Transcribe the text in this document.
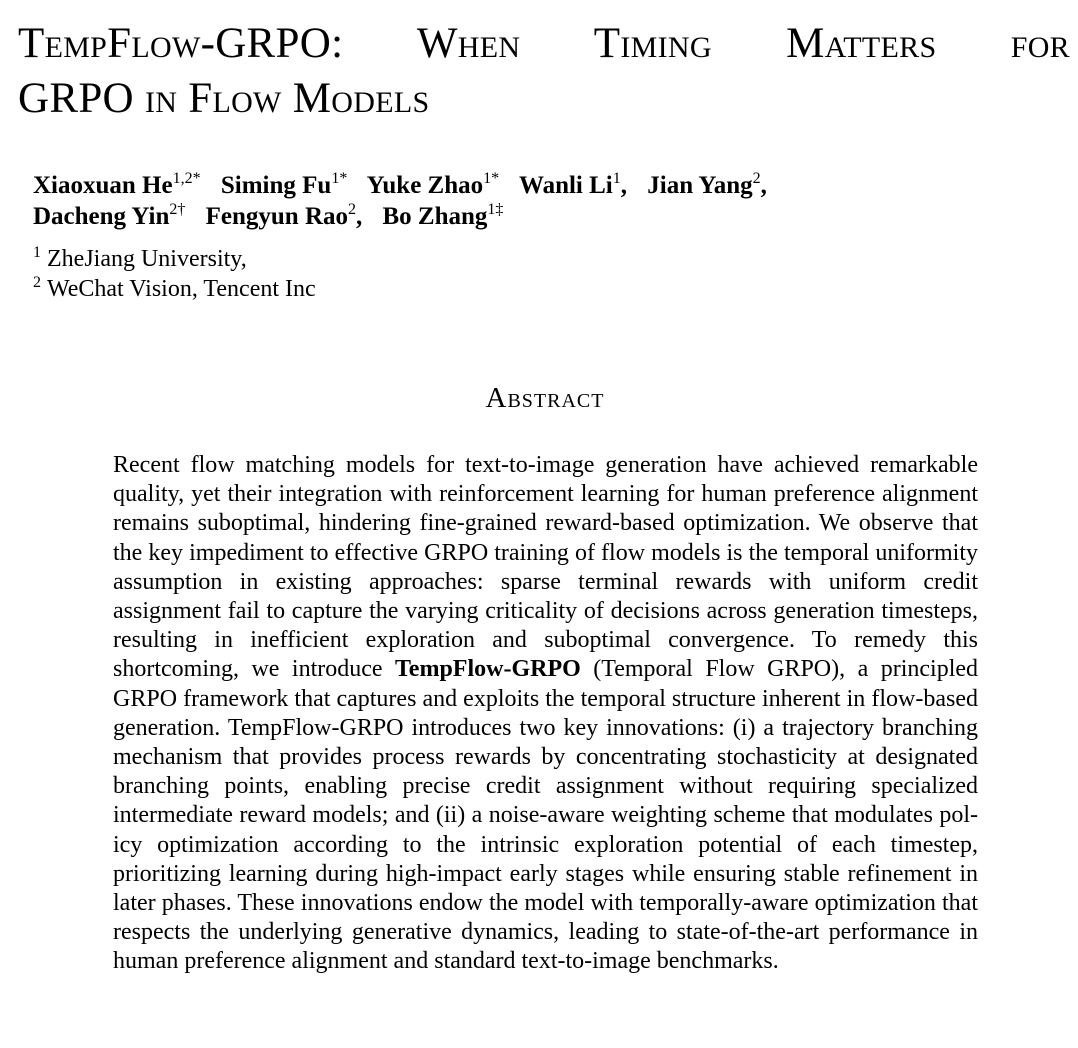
TempFlow-GRPO: When Timing Matters for
GRPO in Flow Models
Xiaoxuan $He^{1,2*}$ Siming $Fu^{1*}$ Yuke Zhao$^{1*}$ Wanli Li$^1$, Jian Yang$^2$,
Dacheng Yin$^{2\dagger}$ Fengyun Rao$^2$, Bo Zhang$^{1\ddagger}$
$^1$ ZheJiang University,
$^2$ WeChat Vision, Tencent Inc
Abstract

Recent flow matching models for text-to-image generation have achieved remarkable quality, yet their integration with reinforcement learning for human preference alignment remains suboptimal, hindering fine-grained reward-based optimization. We observe that the key impediment to effective GRPO training of flow models is the temporal uniformity assumption in existing approaches: sparse terminal rewards with uniform credit assignment fail to capture the varying criticality of decisions across generation timesteps, resulting in inefficient exploration and suboptimal convergence. To remedy this shortcoming, we introduce TempFlow-GRPO (Temporal Flow GRPO), a principled GRPO framework that captures and exploits the temporal structure inherent in flow-based generation. TempFlow-GRPO introduces two key innovations: (i) a trajectory branching mechanism that provides process rewards by concentrating stochasticity at designated branching points, enabling precise credit assignment without requiring specialized intermediate reward models; and (ii) a noise-aware weighting scheme that modulates policy optimization according to the intrinsic exploration potential of each timestep, prioritizing learning during high-impact early stages while ensuring stable refinement in later phases. These innovations endow the model with temporally-aware optimization that respects the underlying generative dynamics, leading to state-of-the-art performance in human preference alignment and standard text-to-image benchmarks.
